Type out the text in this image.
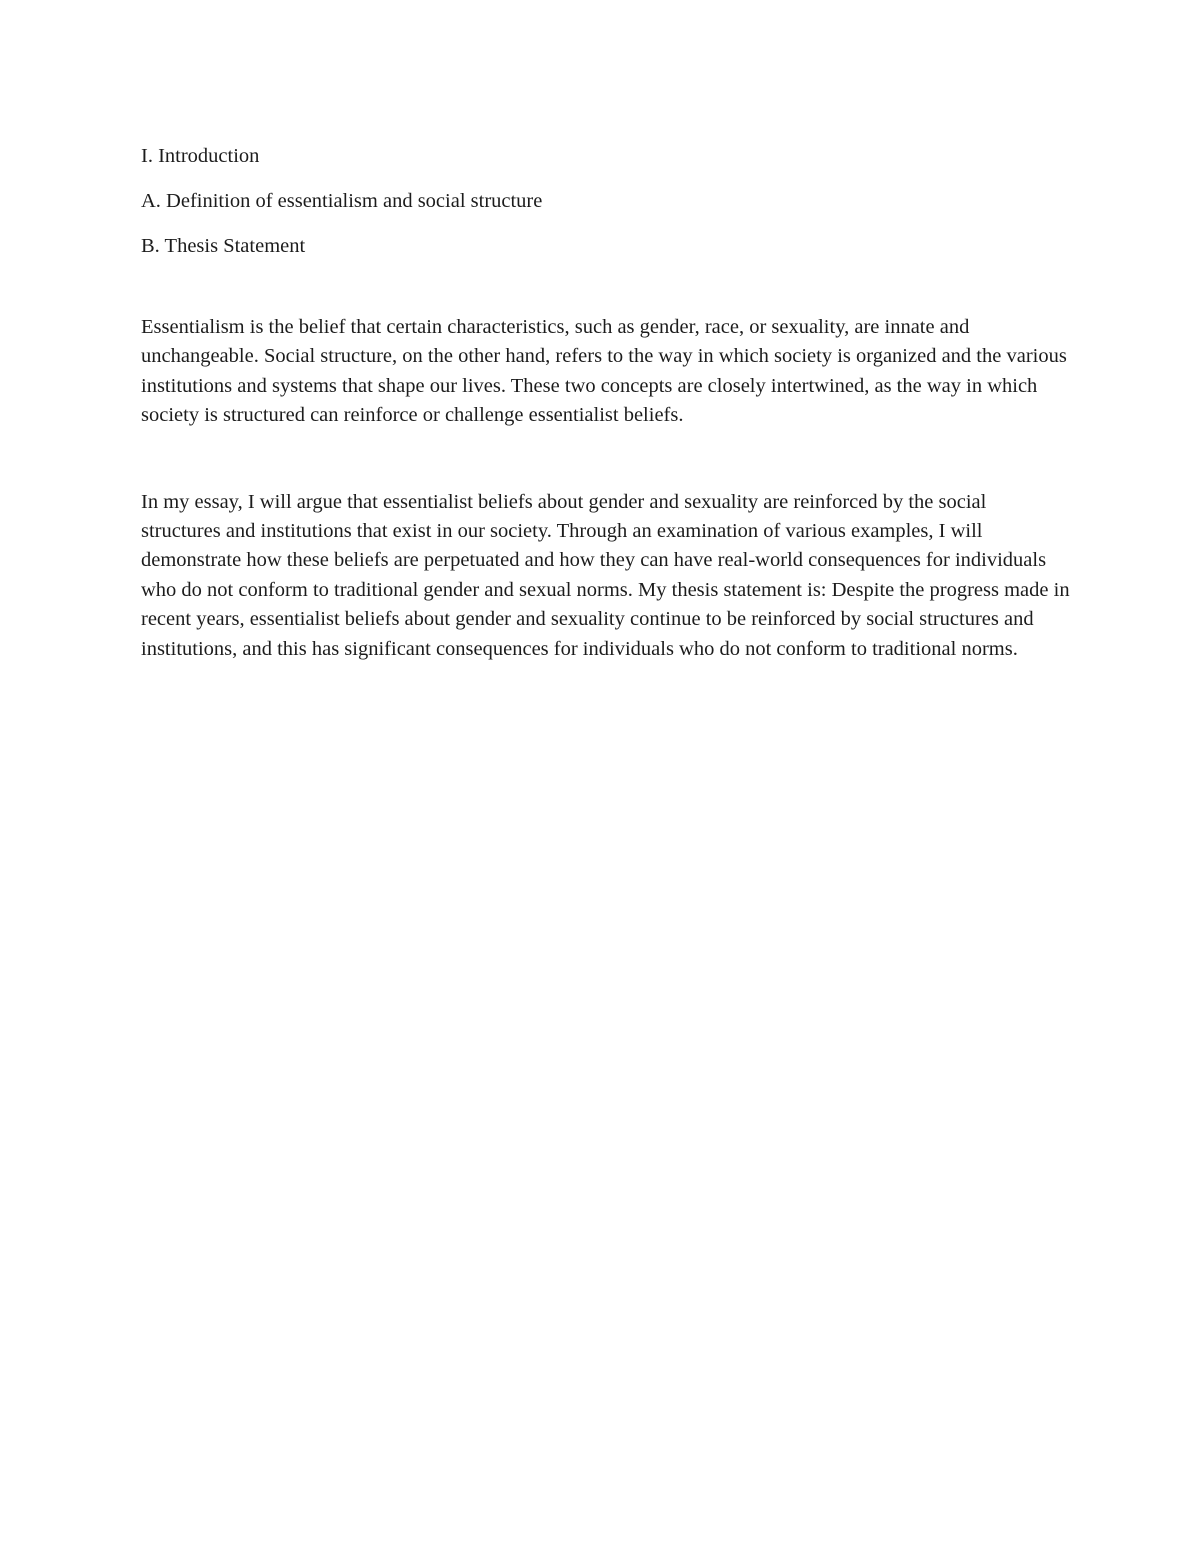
I. Introduction

A. Definition of essentialism and social structure

B. Thesis Statement

Essentialism is the belief that certain characteristics, such as gender, race, or sexuality, are innate and unchangeable. Social structure, on the other hand, refers to the way in which society is organized and the various institutions and systems that shape our lives. These two concepts are closely intertwined, as the way in which society is structured can reinforce or challenge essentialist beliefs.

In my essay, I will argue that essentialist beliefs about gender and sexuality are reinforced by the social structures and institutions that exist in our society. Through an examination of various examples, I will demonstrate how these beliefs are perpetuated and how they can have real-world consequences for individuals who do not conform to traditional gender and sexual norms. My thesis statement is: Despite the progress made in recent years, essentialist beliefs about gender and sexuality continue to be reinforced by social structures and institutions, and this has significant consequences for individuals who do not conform to traditional norms.
